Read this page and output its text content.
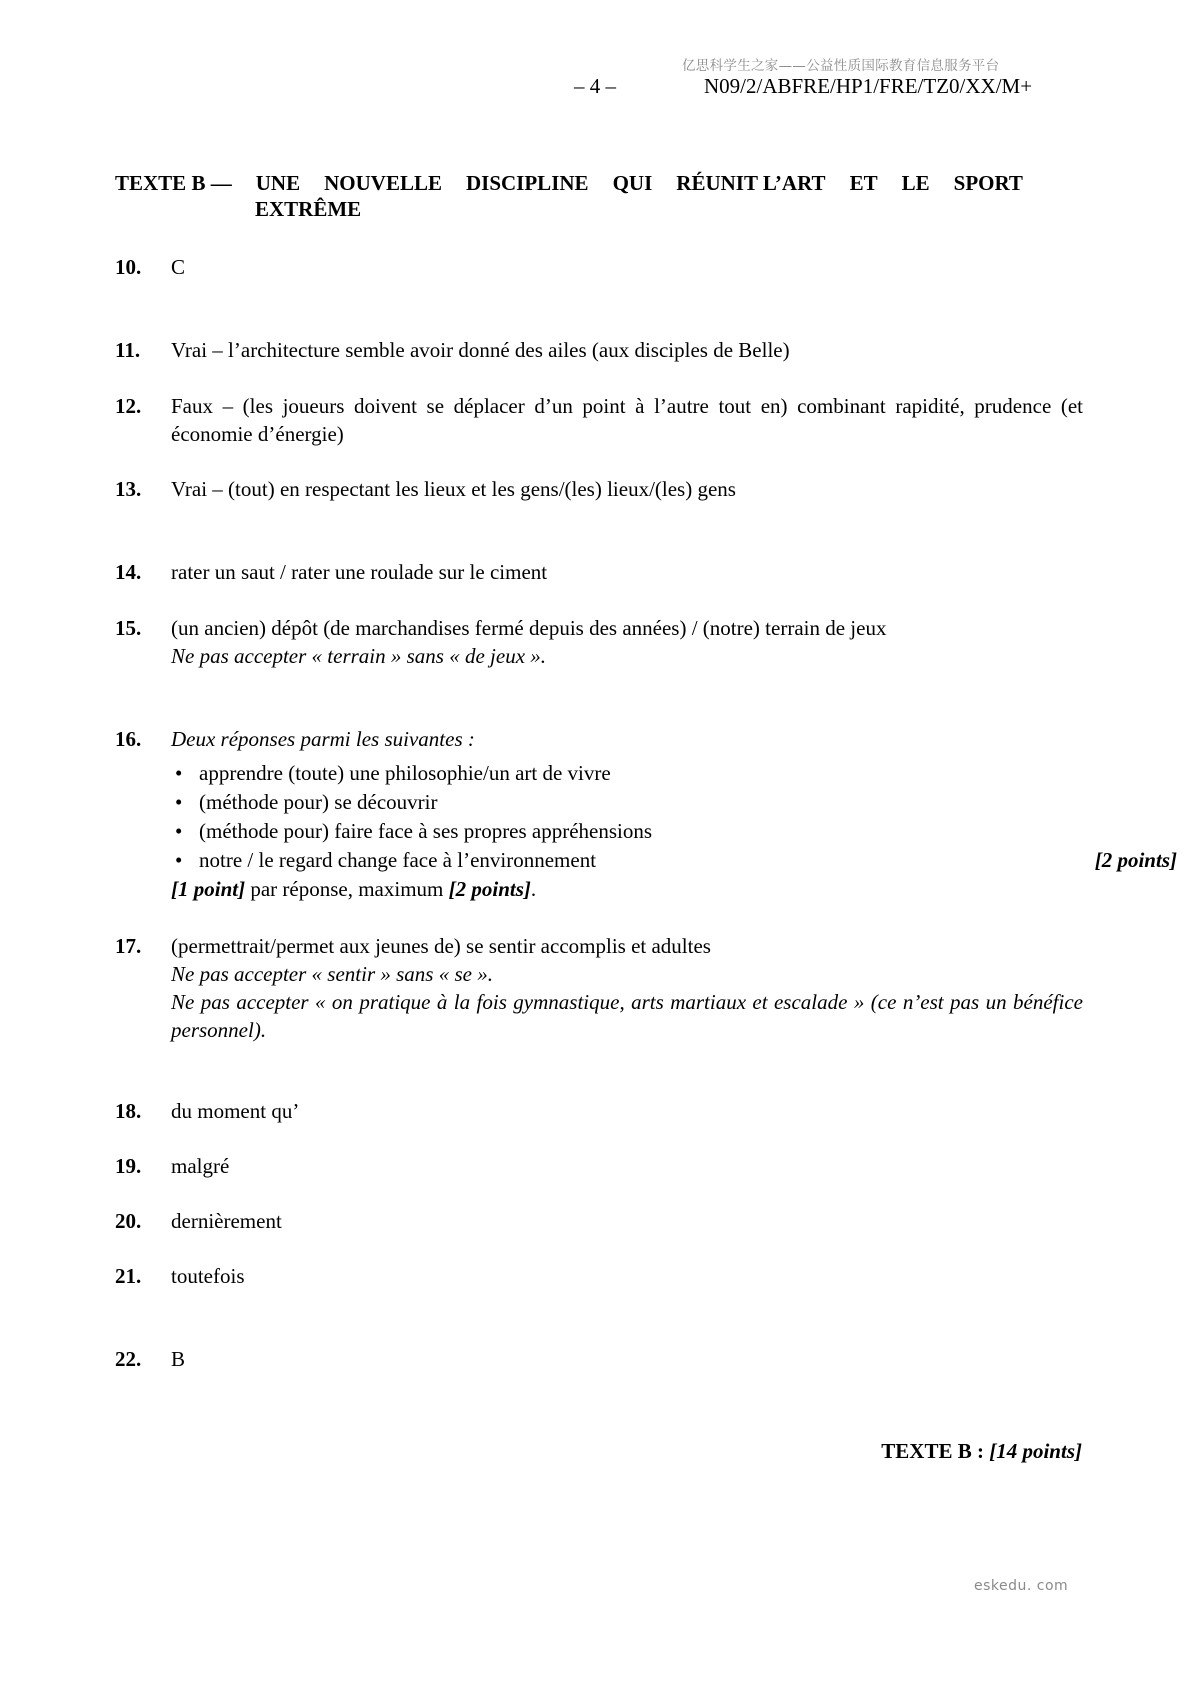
亿思科学生之家——公益性质国际教育信息服务平台
– 4 –	N09/2/ABFRE/HP1/FRE/TZ0/XX/M+
TEXTE B — UNE NOUVELLE DISCIPLINE QUI RÉUNIT L’ART ET LE SPORT
EXTRÊME
10. C
11. Vrai – l’architecture semble avoir donné des ailes (aux disciples de Belle)
12. Faux – (les joueurs doivent se déplacer d’un point à l’autre tout en) combinant rapidité, prudence (et économie d’énergie)
13. Vrai – (tout) en respectant les lieux et les gens/(les) lieux/(les) gens
14. rater un saut / rater une roulade sur le ciment
15. (un ancien) dépôt (de marchandises fermé depuis des années) / (notre) terrain de jeux
Ne pas accepter « terrain » sans « de jeux ».
16. Deux réponses parmi les suivantes :
• apprendre (toute) une philosophie/un art de vivre
• (méthode pour) se découvrir
• (méthode pour) faire face à ses propres appréhensions
• notre / le regard change face à l’environnement	[2 points]
[1 point] par réponse, maximum [2 points].
17. (permettrait/permet aux jeunes de) se sentir accomplis et adultes
Ne pas accepter « sentir » sans « se ».
Ne pas accepter « on pratique à la fois gymnastique, arts martiaux et escalade » (ce n’est pas un bénéfice personnel).
18. du moment qu’
19. malgré
20. dernièrement
21. toutefois
22. B
TEXTE B : [14 points]
eskedu. com
